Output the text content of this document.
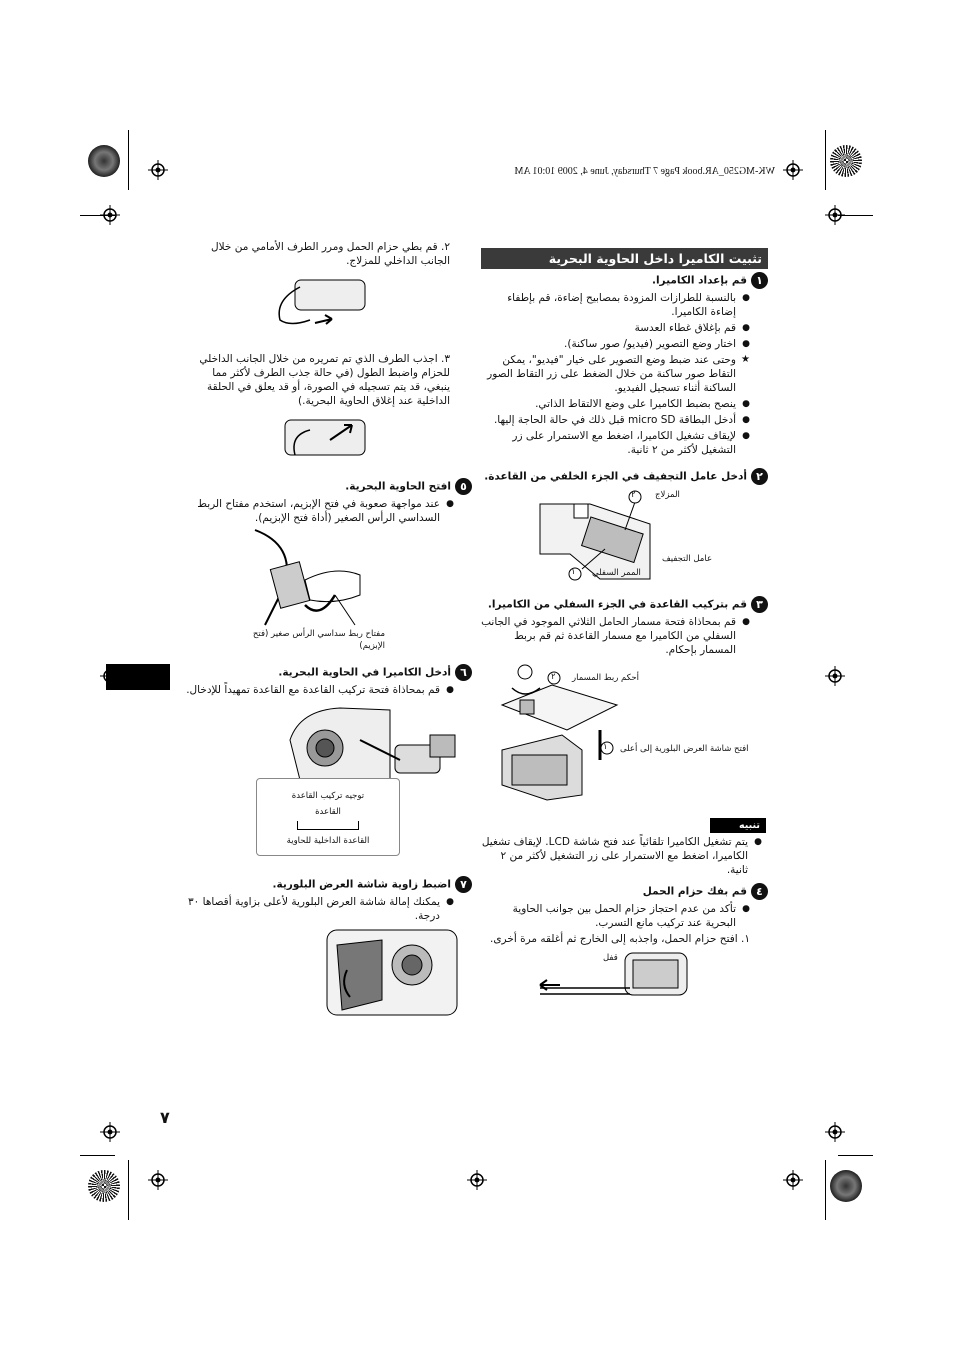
WK-MG250_AR.book Page 7 Thursday, June 4, 2009 10:01 AM
تثبيت الكاميرا داخل الحاوية البحرية
١قم بإعداد الكاميرا.
● بالنسبة للطرازات المزودة بمصابيح إضاءة، قم بإطفاء إضاءة الكاميرا.
● قم بإغلاق غطاء العدسة
● اختار وضع التصوير (فيديو/ صور ساكنة).
★ وحتى عند ضبط وضع التصوير على خيار "فيديو"، يمكن التقاط صور ساكنة من خلال الضغط على زر التقاط الصور الساكنة أثناء تسجيل الفيديو.
● ينصح بضبط الكاميرا على وضع الالتقاط الذاتي.
● أدخل البطاقة micro SD قبل ذلك في حالة الحاجة إليها.
● لإيقاف تشغيل الكاميرا، اضغط مع الاستمرار على زر التشغيل لأكثر من ٢ ثانية.
٢أدخل عامل التجفيف في الجزء الخلفي من القاعدة.
٢
١
المزلاج
عامل التجفيف
الممر السفلي
٣قم بتركيب القاعدة في الجزء السفلي من الكاميرا.
● قم بمحاذاة فتحة مسمار الحامل الثلاثي الموجود في الجانب السفلي من الكاميرا مع مسمار القاعدة ثم قم بربط المسمار بإحكام.
٢
١
أحكم ربط المسمار
افتح شاشة العرض البلورية إلى أعلى
تنبيه
● يتم تشغيل الكاميرا تلقائياً عند فتح شاشة LCD. لإيقاف تشغيل الكاميرا، اضغط مع الاستمرار على زر التشغيل لأكثر من ٢ ثانية.
٤قم بفك حزام الحمل
● تأكد من عدم احتجاز حزام الحمل بين جوانب الحاوية البحرية عند تركيب مانع التسرب.
١. افتح حزام الحمل، واجذبه إلى الخارج ثم أغلقه مرة أخرى.
قفل
٢. قم بطي حزام الحمل ومرر الطرف الأمامي من خلال الجانب الداخلي للمزلاج.
٣. اجذب الطرف الذي تم تمريره من خلال الجانب الداخلي للحزام واضبط الطول (في حالة جذب الطرف لأكثر مما ينبغي، قد يتم تسجيله في الصورة، أو قد يعلق في الحلقة الداخلية عند إغلاق الحاوية البحرية.)
٥افتح الحاوية البحرية.
● عند مواجهة صعوبة في فتح الإبزيم، استخدم مفتاح الربط السداسي الرأس الصغير (أداة فتح الإبزيم).
مفتاح ربط سداسي الرأس صغير (فتح الإبزيم)
٦أدخل الكاميرا في الحاوية البحرية.
● قم بمحاذاة فتحة تركيب القاعدة مع القاعدة تمهيداً للإدخال.
توجيه تركيب القاعدة
القاعدة
القاعدة الداخلية للحاوية
٧اضبط زاوية شاشة العرض البلورية.
● يمكنك إمالة شاشة العرض البلورية لأعلى بزاوية أقصاها ٣٠ درجة.
٧
